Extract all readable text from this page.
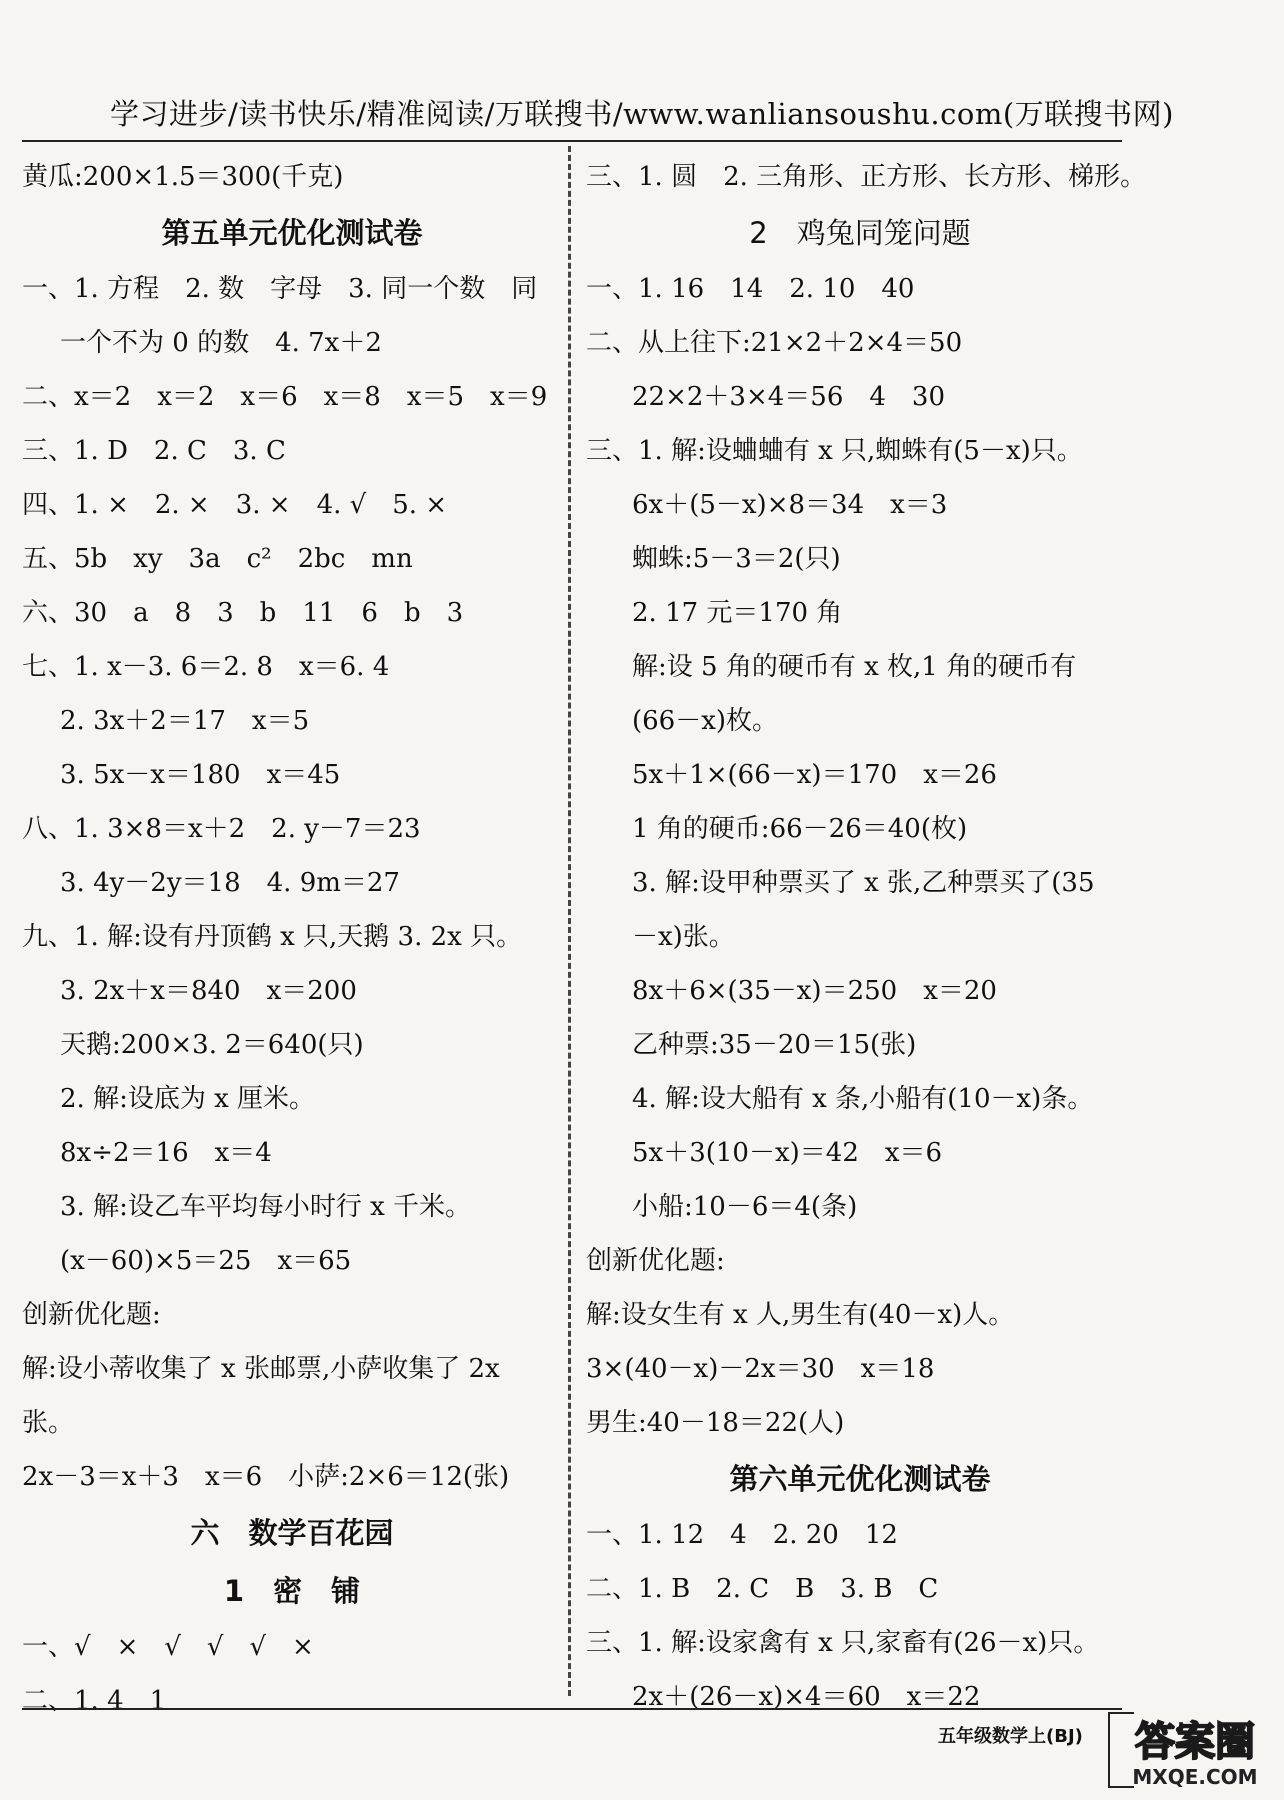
学习进步/读书快乐/精准阅读/万联搜书/www.wanliansoushu.com(万联搜书网)
黄瓜:200×1.5＝300(千克)
第五单元优化测试卷
一、1. 方程　2. 数　字母　3. 同一个数　同
一个不为 0 的数　4. 7x＋2
二、x＝2　x＝2　x＝6　x＝8　x＝5　x＝9
三、1. D　2. C　3. C
四、1. ×　2. ×　3. ×　4. √　5. ×
五、5b　xy　3a　c²　2bc　mn
六、30　a　8　3　b　11　6　b　3
七、1. x－3. 6＝2. 8　x＝6. 4
2. 3x＋2＝17　x＝5
3. 5x－x＝180　x＝45
八、1. 3×8＝x＋2　2. y－7＝23
3. 4y－2y＝18　4. 9m＝27
九、1. 解:设有丹顶鹤 x 只,天鹅 3. 2x 只。
3. 2x＋x＝840　x＝200
天鹅:200×3. 2＝640(只)
2. 解:设底为 x 厘米。
8x÷2＝16　x＝4
3. 解:设乙车平均每小时行 x 千米。
(x－60)×5＝25　x＝65
创新优化题:
解:设小蒂收集了 x 张邮票,小萨收集了 2x
张。
2x－3＝x＋3　x＝6　小萨:2×6＝12(张)
六　数学百花园
1　密　铺
一、√　×　√　√　√　×
二、1. 4　1
三、1. 圆　2. 三角形、正方形、长方形、梯形。
2　鸡兔同笼问题
一、1. 16　14　2. 10　40
二、从上往下:21×2＋2×4＝50
22×2＋3×4＝56　4　30
三、1. 解:设蛐蛐有 x 只,蜘蛛有(5－x)只。
6x＋(5－x)×8＝34　x＝3
蜘蛛:5－3＝2(只)
2. 17 元＝170 角
解:设 5 角的硬币有 x 枚,1 角的硬币有
(66－x)枚。
5x＋1×(66－x)＝170　x＝26
1 角的硬币:66－26＝40(枚)
3. 解:设甲种票买了 x 张,乙种票买了(35
－x)张。
8x＋6×(35－x)＝250　x＝20
乙种票:35－20＝15(张)
4. 解:设大船有 x 条,小船有(10－x)条。
5x＋3(10－x)＝42　x＝6
小船:10－6＝4(条)
创新优化题:
解:设女生有 x 人,男生有(40－x)人。
3×(40－x)－2x＝30　x＝18
男生:40－18＝22(人)
第六单元优化测试卷
一、1. 12　4　2. 20　12
二、1. B　2. C　B　3. B　C
三、1. 解:设家禽有 x 只,家畜有(26－x)只。
2x＋(26－x)×4＝60　x＝22
五年级数学上(BJ)	答案圈
MXQE.COM
